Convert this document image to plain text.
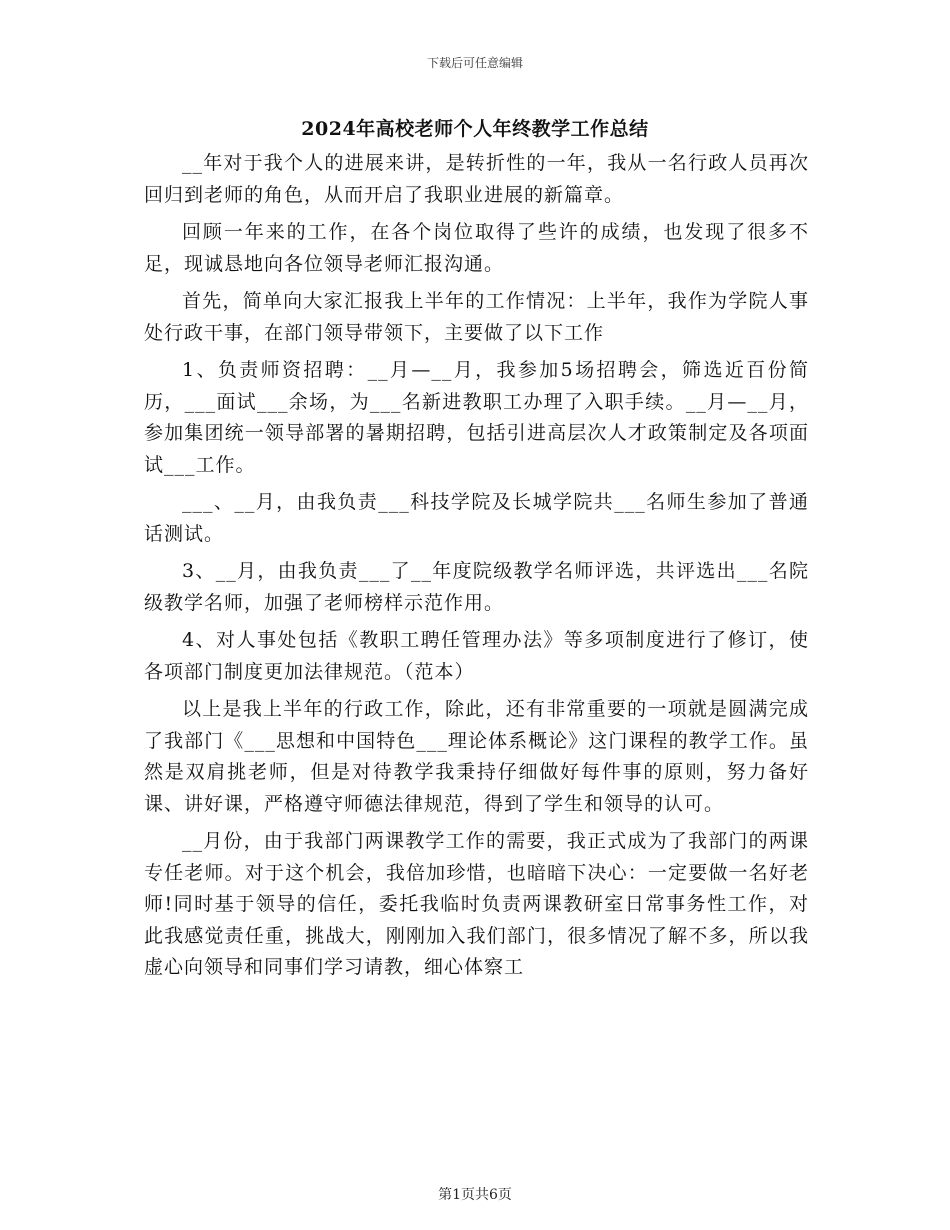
下载后可任意编辑
2024年高校老师个人年终教学工作总结

__年对于我个人的进展来讲，是转折性的一年，我从一名行政人员再次回归到老师的角色，从而开启了我职业进展的新篇章。

回顾一年来的工作，在各个岗位取得了些许的成绩，也发现了很多不足，现诚恳地向各位领导老师汇报沟通。

首先，简单向大家汇报我上半年的工作情况：上半年，我作为学院人事处行政干事，在部门领导带领下，主要做了以下工作

1、负责师资招聘：__月—__月，我参加5场招聘会，筛选近百份简历，___面试___余场，为___名新进教职工办理了入职手续。__月—__月，参加集团统一领导部署的暑期招聘，包括引进高层次人才政策制定及各项面试___工作。

___、__月，由我负责___科技学院及长城学院共___名师生参加了普通话测试。

3、__月，由我负责___了__年度院级教学名师评选，共评选出___名院级教学名师，加强了老师榜样示范作用。

4、对人事处包括《教职工聘任管理办法》等多项制度进行了修订，使各项部门制度更加法律规范。（范本）

以上是我上半年的行政工作，除此，还有非常重要的一项就是圆满完成了我部门《___思想和中国特色___理论体系概论》这门课程的教学工作。虽然是双肩挑老师，但是对待教学我秉持仔细做好每件事的原则，努力备好课、讲好课，严格遵守师德法律规范，得到了学生和领导的认可。

__月份，由于我部门两课教学工作的需要，我正式成为了我部门的两课专任老师。对于这个机会，我倍加珍惜，也暗暗下决心：一定要做一名好老师!同时基于领导的信任，委托我临时负责两课教研室日常事务性工作，对此我感觉责任重，挑战大，刚刚加入我们部门，很多情况了解不多，所以我虚心向领导和同事们学习请教，细心体察工

第1页共6页
